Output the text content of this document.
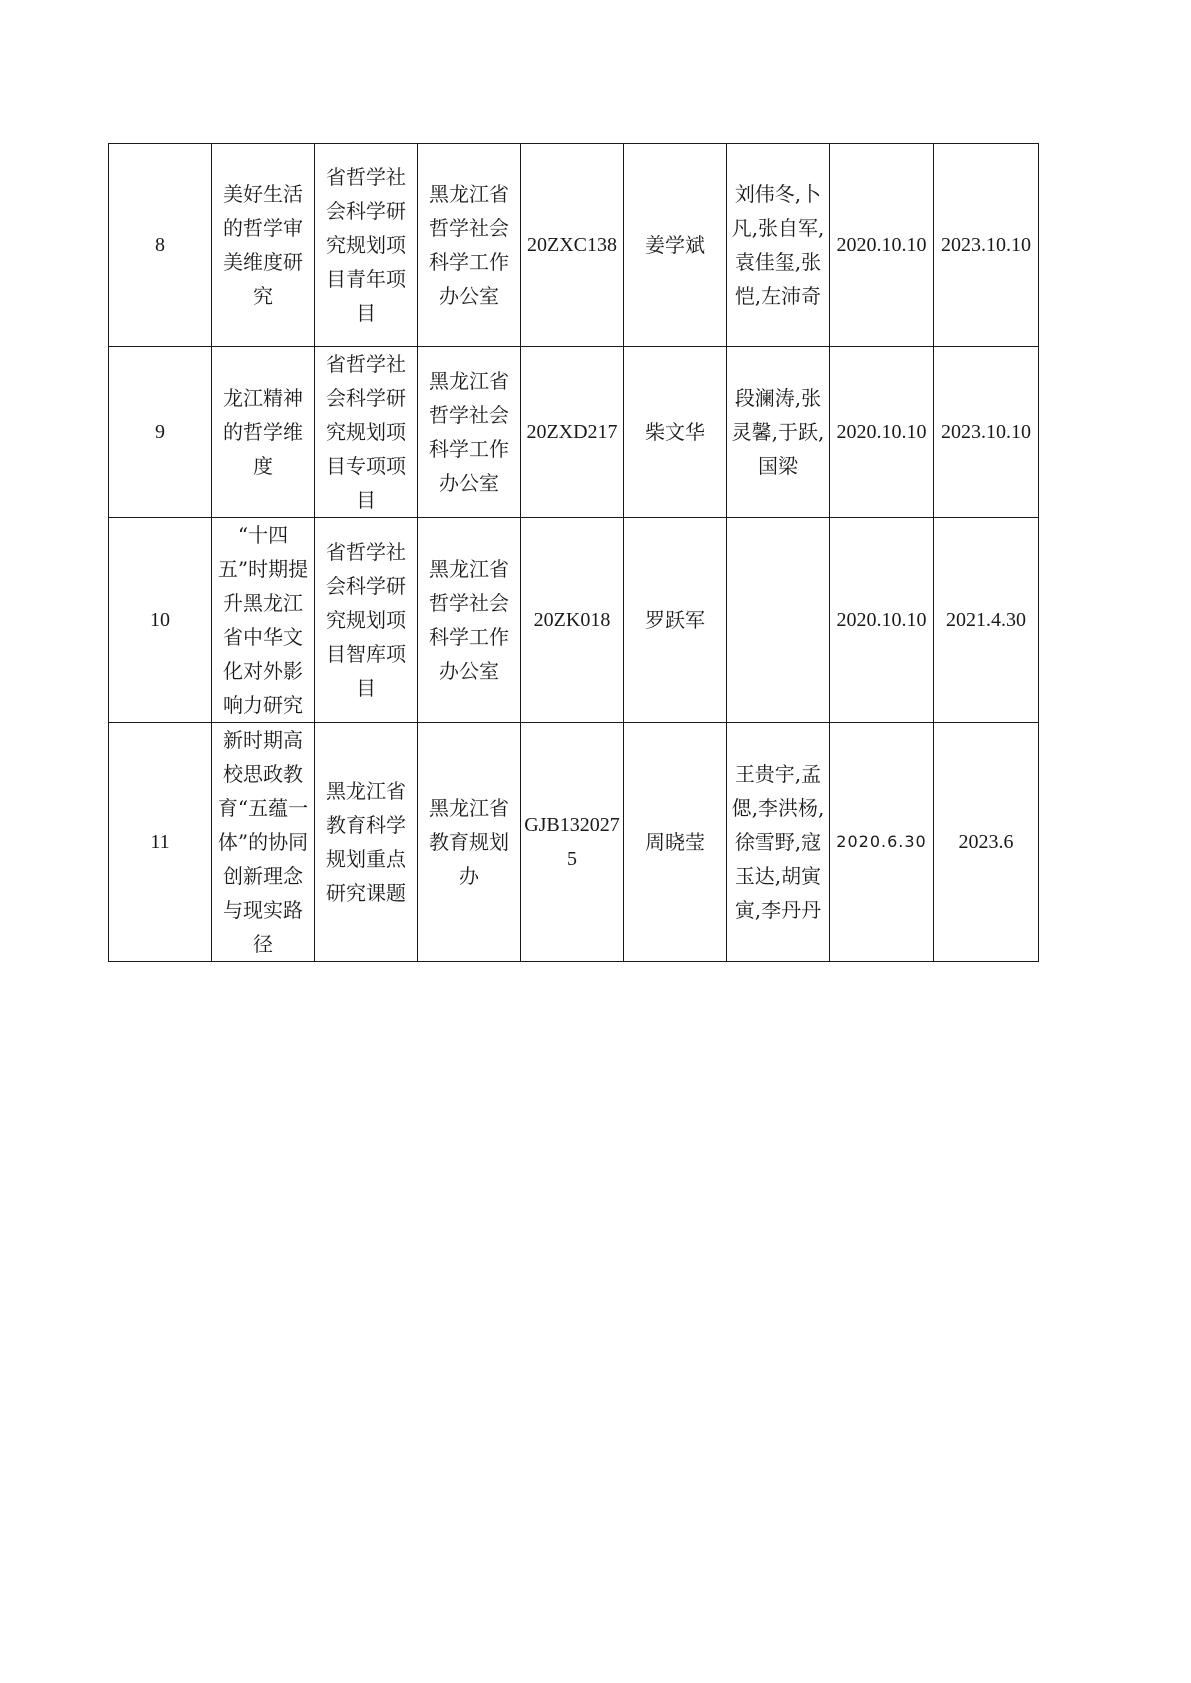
8	美好生活的哲学审美维度研究	省哲学社会科学研究规划项目青年项目	黑龙江省哲学社会科学工作办公室	20ZXC138	姜学斌	刘伟冬,卜凡,张自军,袁佳玺,张恺,左沛奇	2020.10.10	2023.10.10
9	龙江精神的哲学维度	省哲学社会科学研究规划项目专项项目	黑龙江省哲学社会科学工作办公室	20ZXD217	柴文华	段澜涛,张灵馨,于跃,国梁	2020.10.10	2023.10.10
10	“十四五”时期提升黑龙江省中华文化对外影响力研究	省哲学社会科学研究规划项目智库项目	黑龙江省哲学社会科学工作办公室	20ZK018	罗跃军		2020.10.10	2021.4.30
11	新时期高校思政教育“五蕴一体”的协同创新理念与现实路径	黑龙江省教育科学规划重点研究课题	黑龙江省教育规划办	GJB1320275	周晓莹	王贵宇,孟偲,李洪杨,徐雪野,寇玉达,胡寅寅,李丹丹	2020.6.30	2023.6
